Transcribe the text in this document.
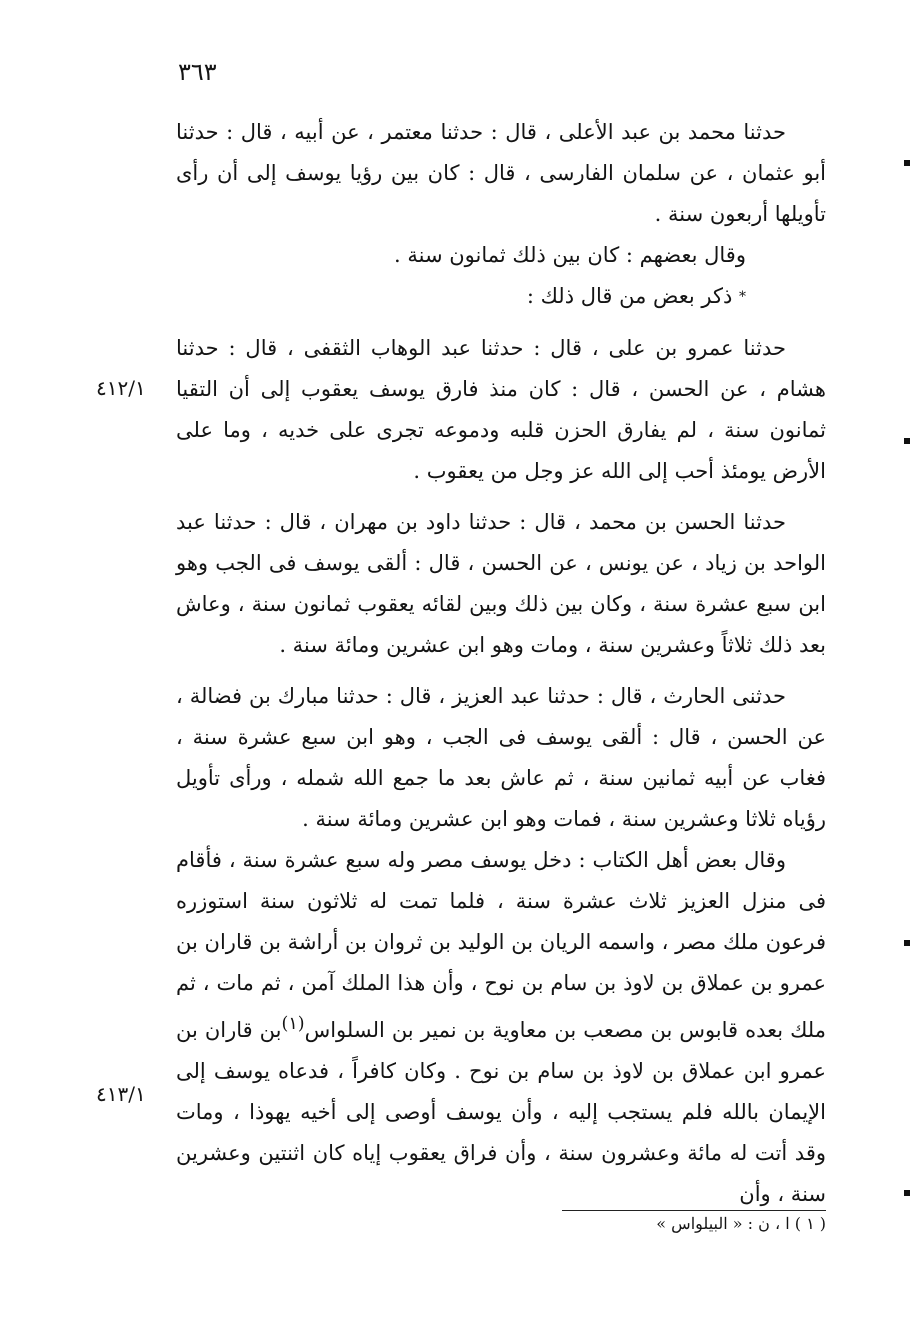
٣٦٣
٤١٢/١
٤١٣/١

حدثنا محمد بن عبد الأعلى ، قال : حدثنا معتمر ، عن أبيه ، قال : حدثنا أبو عثمان ، عن سلمان الفارسى ، قال : كان بين رؤيا يوسف إلى أن رأى تأويلها أربعون سنة .

وقال بعضهم : كان بين ذلك ثمانون سنة .

* ذكر بعض من قال ذلك :

حدثنا عمرو بن على ، قال : حدثنا عبد الوهاب الثقفى ، قال : حدثنا هشام ، عن الحسن ، قال : كان منذ فارق يوسف يعقوب إلى أن التقيا ثمانون سنة ، لم يفارق الحزن قلبه ودموعه تجرى على خديه ، وما على الأرض يومئذ أحب إلى الله عز وجل من يعقوب .

حدثنا الحسن بن محمد ، قال : حدثنا داود بن مهران ، قال : حدثنا عبد الواحد بن زياد ، عن يونس ، عن الحسن ، قال : ألقى يوسف فى الجب وهو ابن سبع عشرة سنة ، وكان بين ذلك وبين لقائه يعقوب ثمانون سنة ، وعاش بعد ذلك ثلاثاً وعشرين سنة ، ومات وهو ابن عشرين ومائة سنة .

حدثنى الحارث ، قال : حدثنا عبد العزيز ، قال : حدثنا مبارك بن فضالة ، عن الحسن ، قال : ألقى يوسف فى الجب ، وهو ابن سبع عشرة سنة ، فغاب عن أبيه ثمانين سنة ، ثم عاش بعد ما جمع الله شمله ، ورأى تأويل رؤياه ثلاثا وعشرين سنة ، فمات وهو ابن عشرين ومائة سنة .

وقال بعض أهل الكتاب : دخل يوسف مصر وله سبع عشرة سنة ، فأقام فى منزل العزيز ثلاث عشرة سنة ، فلما تمت له ثلاثون سنة استوزره فرعون ملك مصر ، واسمه الريان بن الوليد بن ثروان بن أراشة بن قاران بن عمرو بن عملاق بن لاوذ بن سام بن نوح ، وأن هذا الملك آمن ، ثم مات ، ثم ملك بعده قابوس بن مصعب بن معاوية بن نمير بن السلواس$^{(١)}$بن قاران بن عمرو ابن عملاق بن لاوذ بن سام بن نوح . وكان كافراً ، فدعاه يوسف إلى الإيمان بالله فلم يستجب إليه ، وأن يوسف أوصى إلى أخيه يهوذا ، ومات وقد أتت له مائة وعشرون سنة ، وأن فراق يعقوب إياه كان اثنتين وعشرين سنة ، وأن

( ١ ) ا ، ن : « البيلواس »
